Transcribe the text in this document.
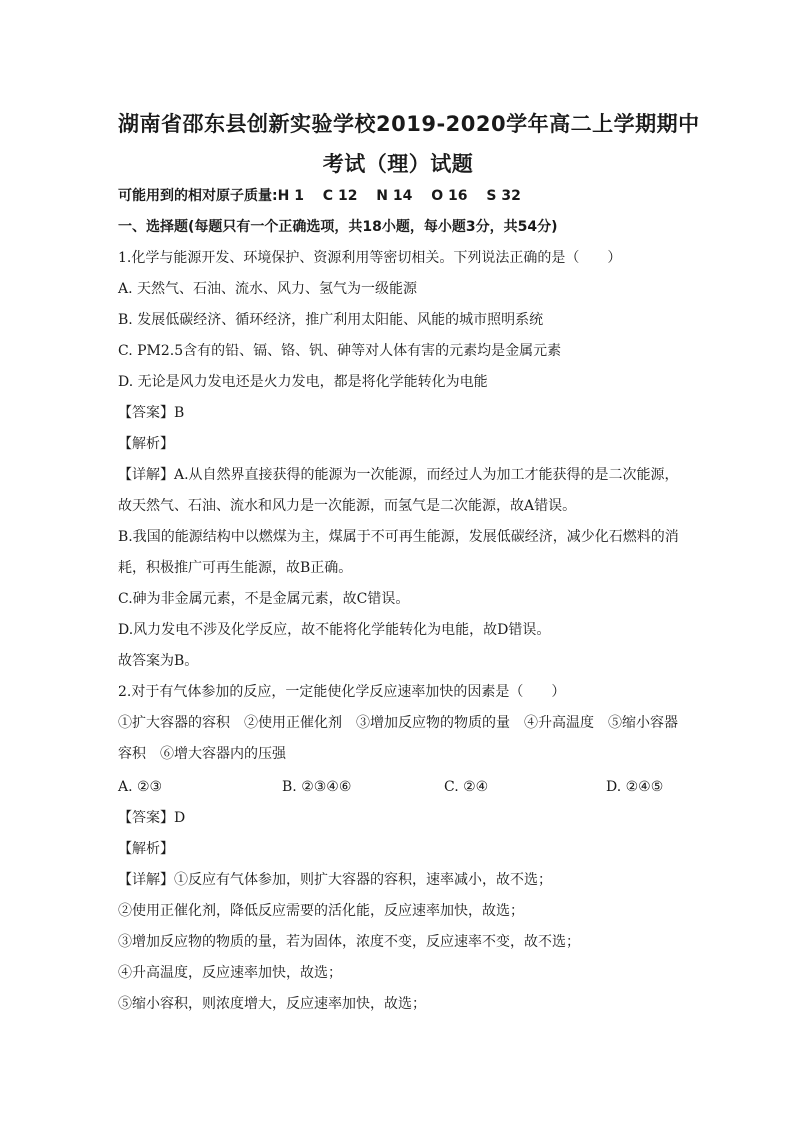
湖南省邵东县创新实验学校2019-2020学年高二上学期期中
考试（理）试题
可能用到的相对原子质量:H 1　 C 12　 N 14　 O 16　 S 32
一、选择题(每题只有一个正确选项，共18小题，每小题3分，共54分)
1.化学与能源开发、环境保护、资源利用等密切相关。下列说法正确的是（　　）
A. 天然气、石油、流水、风力、氢气为一级能源
B. 发展低碳经济、循环经济，推广利用太阳能、风能的城市照明系统
C. PM2.5含有的铅、镉、铬、钒、砷等对人体有害的元素均是金属元素
D. 无论是风力发电还是火力发电，都是将化学能转化为电能
【答案】B
【解析】
【详解】A.从自然界直接获得的能源为一次能源，而经过人为加工才能获得的是二次能源，
故天然气、石油、流水和风力是一次能源，而氢气是二次能源，故A错误。
B.我国的能源结构中以燃煤为主，煤属于不可再生能源，发展低碳经济，减少化石燃料的消
耗，积极推广可再生能源，故B正确。
C.砷为非金属元素，不是金属元素，故C错误。
D.风力发电不涉及化学反应，故不能将化学能转化为电能，故D错误。
故答案为B。
2.对于有气体参加的反应，一定能使化学反应速率加快的因素是（　　）
①扩大容器的容积　②使用正催化剂　③增加反应物的物质的量　④升高温度　⑤缩小容器
容积　⑥增大容器内的压强
A. ②③	B. ②③④⑥	C. ②④	D. ②④⑤
【答案】D
【解析】
【详解】①反应有气体参加，则扩大容器的容积，速率减小，故不选；
②使用正催化剂，降低反应需要的活化能，反应速率加快，故选；
③增加反应物的物质的量，若为固体，浓度不变，反应速率不变，故不选；
④升高温度，反应速率加快，故选；
⑤缩小容积，则浓度增大，反应速率加快，故选；
